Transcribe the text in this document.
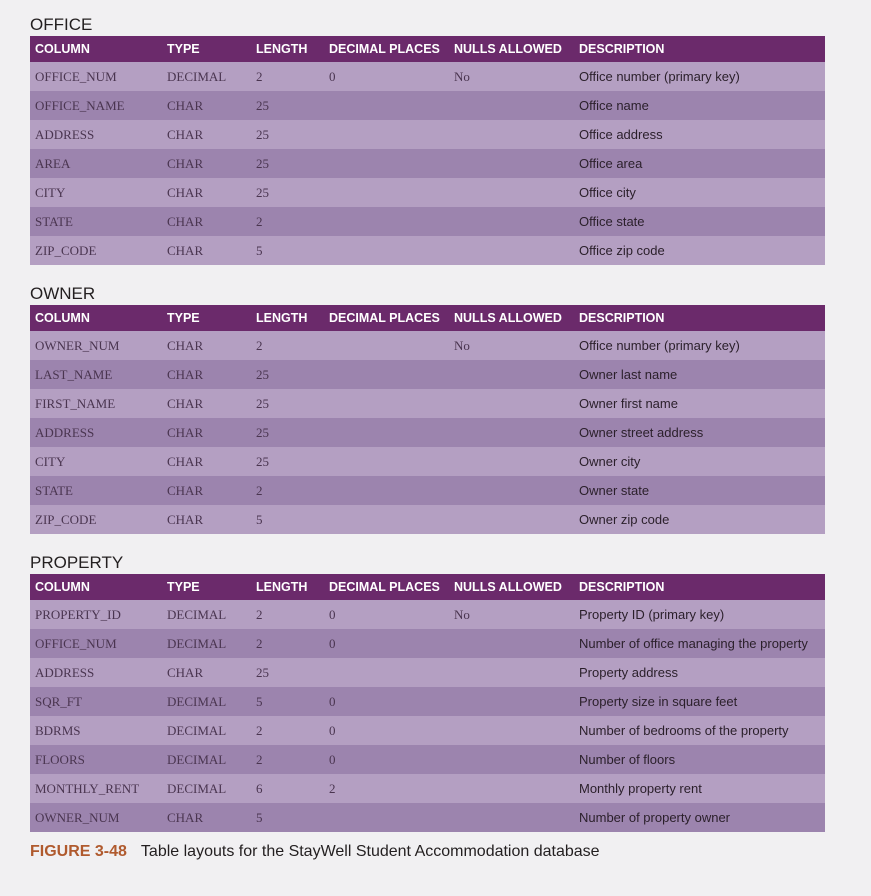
OFFICE
COLUMN	TYPE	LENGTH	DECIMAL PLACES	NULLS ALLOWED	DESCRIPTION
OFFICE_NUM	DECIMAL	2	0	No	Office number (primary key)
OFFICE_NAME	CHAR	25			Office name
ADDRESS	CHAR	25			Office address
AREA	CHAR	25			Office area
CITY	CHAR	25			Office city
STATE	CHAR	2			Office state
ZIP_CODE	CHAR	5			Office zip code
OWNER
COLUMN	TYPE	LENGTH	DECIMAL PLACES	NULLS ALLOWED	DESCRIPTION
OWNER_NUM	CHAR	2		No	Office number (primary key)
LAST_NAME	CHAR	25			Owner last name
FIRST_NAME	CHAR	25			Owner first name
ADDRESS	CHAR	25			Owner street address
CITY	CHAR	25			Owner city
STATE	CHAR	2			Owner state
ZIP_CODE	CHAR	5			Owner zip code
PROPERTY
COLUMN	TYPE	LENGTH	DECIMAL PLACES	NULLS ALLOWED	DESCRIPTION
PROPERTY_ID	DECIMAL	2	0	No	Property ID (primary key)
OFFICE_NUM	DECIMAL	2	0		Number of office managing the property
ADDRESS	CHAR	25			Property address
SQR_FT	DECIMAL	5	0		Property size in square feet
BDRMS	DECIMAL	2	0		Number of bedrooms of the property
FLOORS	DECIMAL	2	0		Number of floors
MONTHLY_RENT	DECIMAL	6	2		Monthly property rent
OWNER_NUM	CHAR	5			Number of property owner
FIGURE 3-48 Table layouts for the StayWell Student Accommodation database
